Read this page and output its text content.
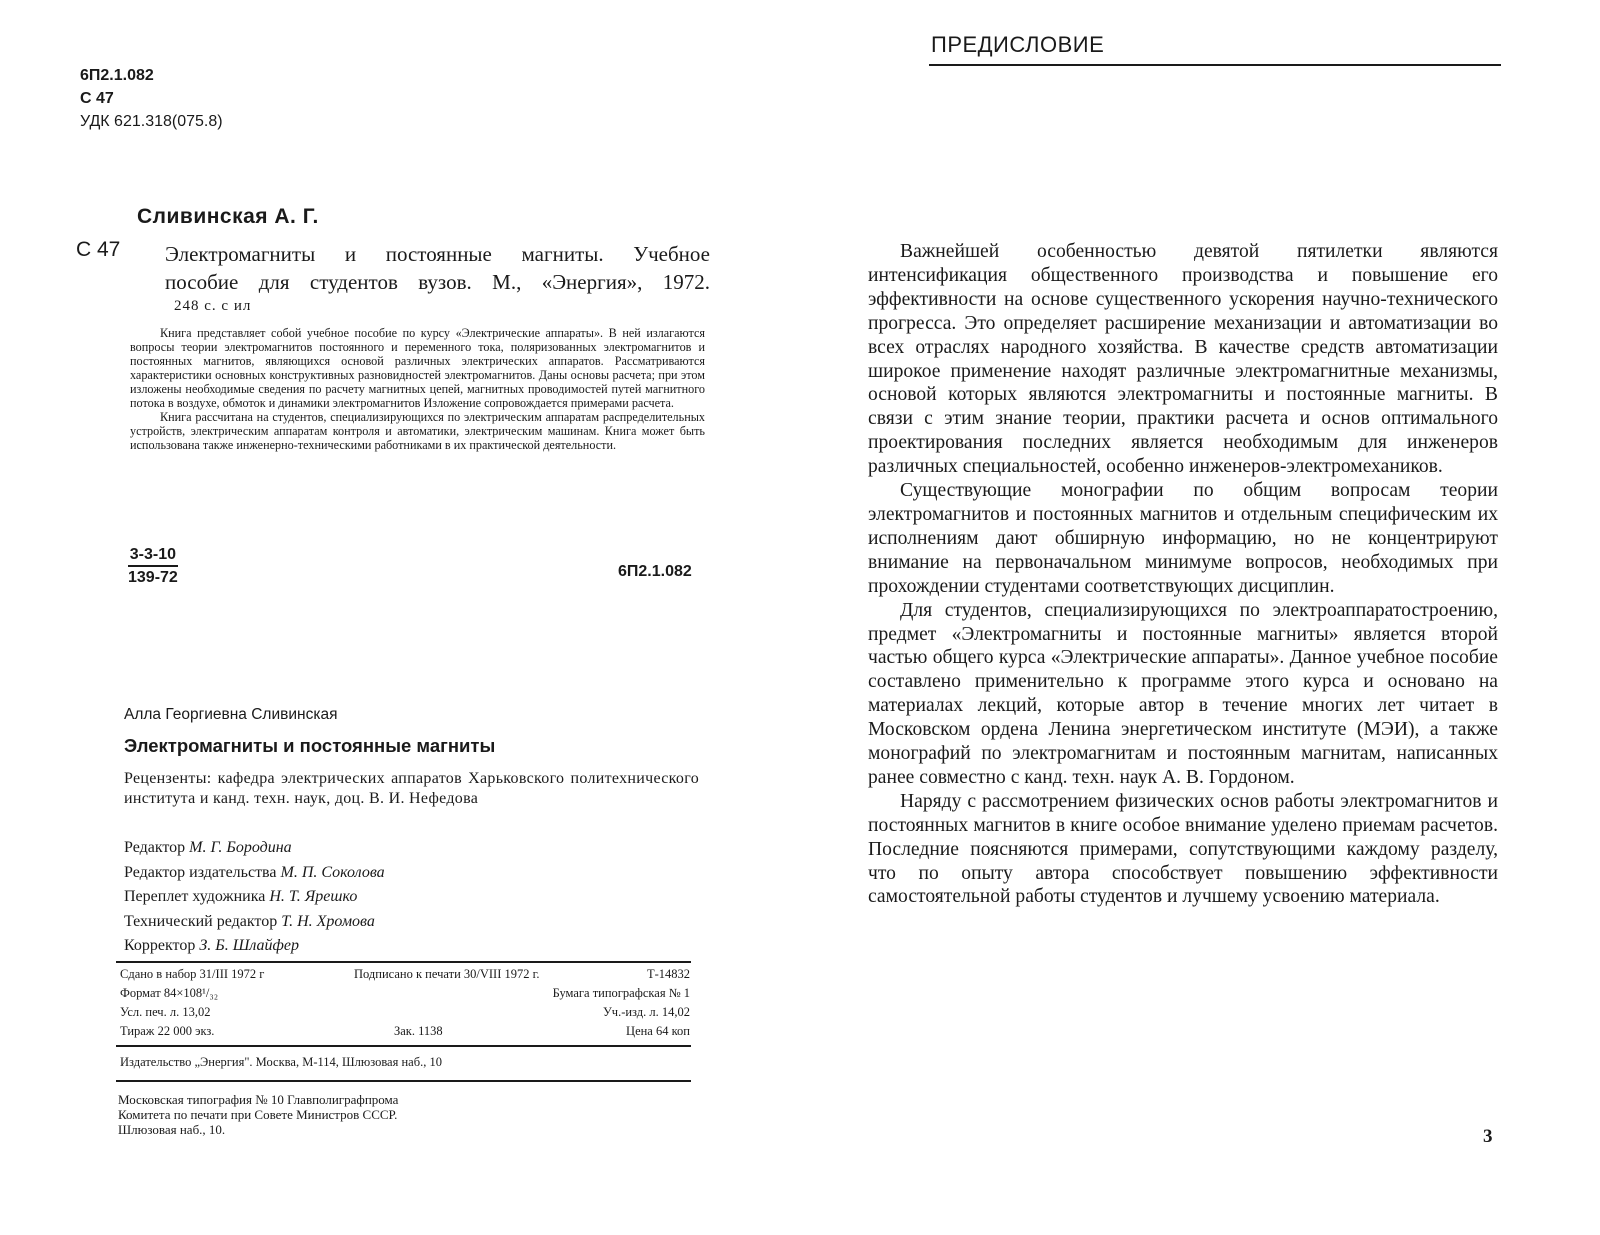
6П2.1.082
С 47
УДК 621.318(075.8)
Сливинская А. Г.
С 47 Электромагниты и постоянные магниты. Учебное
пособие для студентов вузов. М., «Энергия», 1972.
248 с. с ил

Книга представляет собой учебное пособие по курсу «Электрические аппараты». В ней излагаются вопросы теории электромагнитов постоянного и переменного тока, поляризованных электромагнитов и постоянных магнитов, являющихся основой различных электрических аппаратов. Рассматриваются характеристики основных конструктивных разновидностей электромагнитов. Даны основы расчета; при этом изложены необходимые сведения по расчету магнитных цепей, магнитных проводимостей путей магнитного потока в воздухе, обмоток и динамики электромагнитов Изложение сопровождается примерами расчета.

Книга рассчитана на студентов, специализирующихся по электрическим аппаратам распределительных устройств, электрическим аппаратам контроля и автоматики, электрическим машинам. Книга может быть использована также инженерно-техническими работниками в их практической деятельности.

$\frac{3-3-10}{139-72}$	6П2.1.082
Алла Георгиевна Сливинская
Электромагниты и постоянные магниты
Рецензенты: кафедра электрических аппаратов Харьковского политехнического института и канд. техн. наук, доц. В. И. Нефедова
Редактор М. Г. Бородина
Редактор издательства М. П. Соколова
Переплет художника Н. Т. Ярешко
Технический редактор Т. Н. Хромова
Корректор З. Б. Шлайфер
Сдано в набор 31/III 1972 г	Подписано к печати 30/VIII 1972 г.	Т-14832
Формат 84×108¹/₃₂	Бумага типографская № 1
Усл. печ. л. 13,02	Уч.-изд. л. 14,02
Тираж 22 000 экз.	Зак. 1138	Цена 64 коп
Издательство „Энергия". Москва, М-114, Шлюзовая наб., 10
Московская типография № 10 Главполиграфпрома
Комитета по печати при Совете Министров СССР.
Шлюзовая наб., 10.
ПРЕДИСЛОВИЕ

Важнейшей особенностью девятой пятилетки являются интенсификация общественного производства и повышение его эффективности на основе существенного ускорения научно-технического прогресса. Это определяет расширение механизации и автоматизации во всех отраслях народного хозяйства. В качестве средств автоматизации широкое применение находят различные электромагнитные механизмы, основой которых являются электромагниты и постоянные магниты. В связи с этим знание теории, практики расчета и основ оптимального проектирования последних является необходимым для инженеров различных специальностей, особенно инженеров-электромехаников.

Существующие монографии по общим вопросам теории электромагнитов и постоянных магнитов и отдельным специфическим их исполнениям дают обширную информацию, но не концентрируют внимание на первоначальном минимуме вопросов, необходимых при прохождении студентами соответствующих дисциплин.

Для студентов, специализирующихся по электроаппаратостроению, предмет «Электромагниты и постоянные магниты» является второй частью общего курса «Электрические аппараты». Данное учебное пособие составлено применительно к программе этого курса и основано на материалах лекций, которые автор в течение многих лет читает в Московском ордена Ленина энергетическом институте (МЭИ), а также монографий по электромагнитам и постоянным магнитам, написанных ранее совместно с канд. техн. наук А. В. Гордоном.

Наряду с рассмотрением физических основ работы электромагнитов и постоянных магнитов в книге особое внимание уделено приемам расчетов. Последние поясняются примерами, сопутствующими каждому разделу, что по опыту автора способствует повышению эффективности самостоятельной работы студентов и лучшему усвоению материала.

3
